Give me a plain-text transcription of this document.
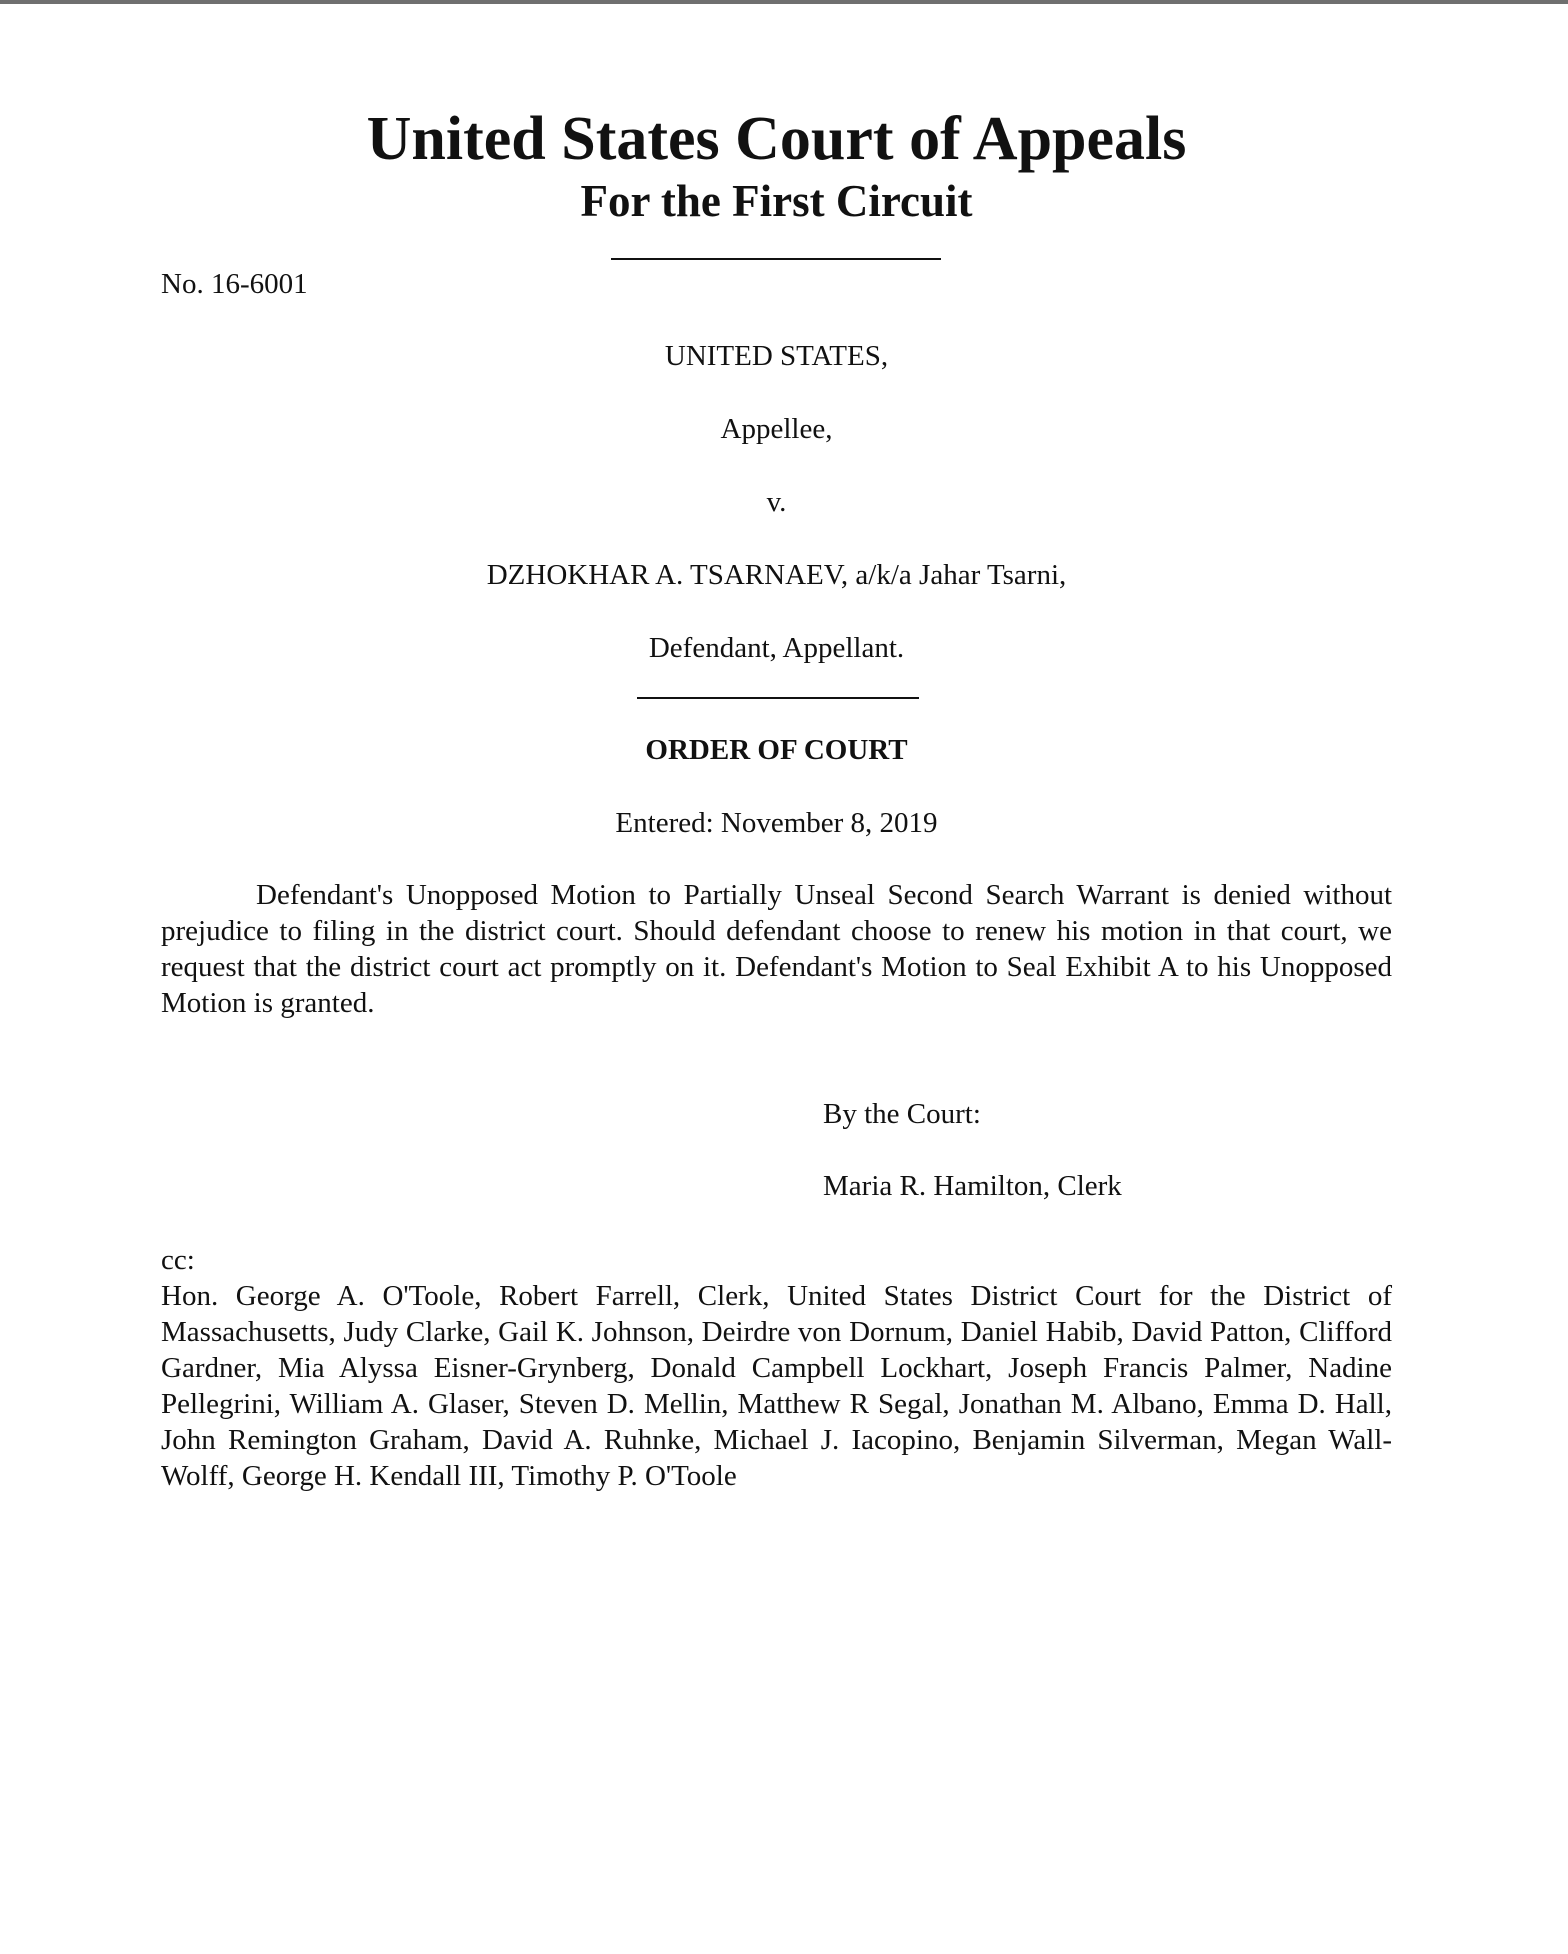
United States Court of Appeals
For the First Circuit
No. 16-6001
UNITED STATES,
Appellee,
v.
DZHOKHAR A. TSARNAEV, a/k/a Jahar Tsarni,
Defendant, Appellant.
ORDER OF COURT
Entered: November 8, 2019
Defendant's Unopposed Motion to Partially Unseal Second Search Warrant is denied without prejudice to filing in the district court. Should defendant choose to renew his motion in that court, we request that the district court act promptly on it. Defendant's Motion to Seal Exhibit A to his Unopposed Motion is granted.
By the Court:
Maria R. Hamilton, Clerk
cc:
Hon. George A. O'Toole, Robert Farrell, Clerk, United States District Court for the District of Massachusetts, Judy Clarke, Gail K. Johnson, Deirdre von Dornum, Daniel Habib, David Patton, Clifford Gardner, Mia Alyssa Eisner-Grynberg, Donald Campbell Lockhart, Joseph Francis Palmer, Nadine Pellegrini, William A. Glaser, Steven D. Mellin, Matthew R Segal, Jonathan M. Albano, Emma D. Hall, John Remington Graham, David A. Ruhnke, Michael J. Iacopino, Benjamin Silverman, Megan Wall-Wolff, George H. Kendall III, Timothy P. O'Toole
